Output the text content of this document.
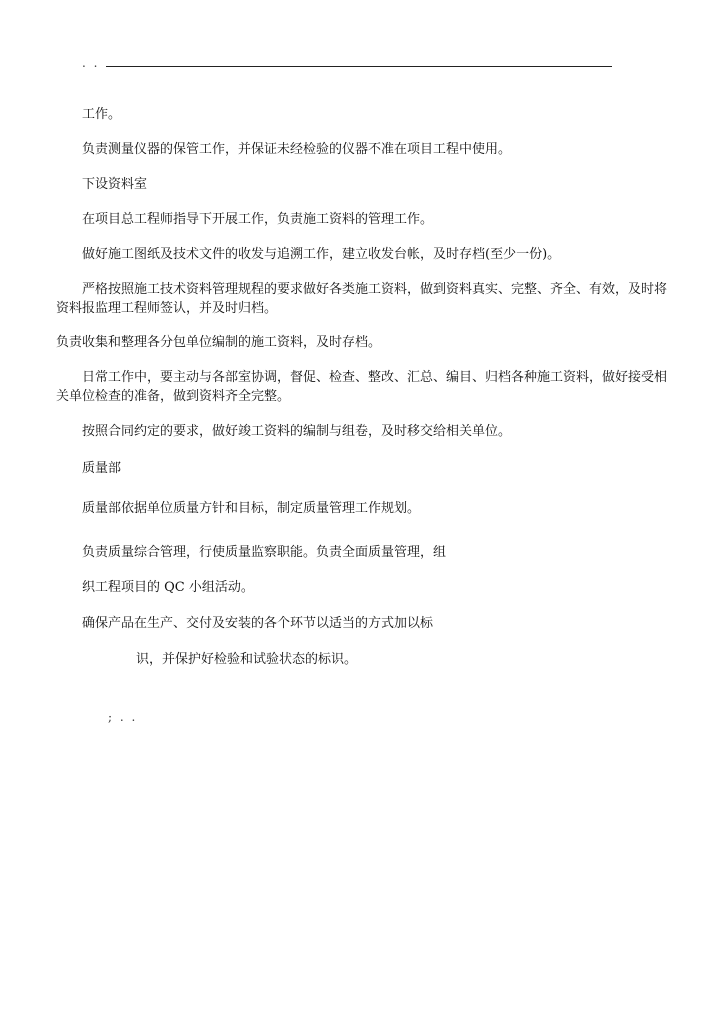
. .
工作。
负责测量仪器的保管工作，并保证未经检验的仪器不准在项目工程中使用。
下设资料室
在项目总工程师指导下开展工作，负责施工资料的管理工作。
做好施工图纸及技术文件的收发与追溯工作，建立收发台帐，及时存档(至少一份)。
严格按照施工技术资料管理规程的要求做好各类施工资料，做到资料真实、完整、齐全、有效，及时将资料报监理工程师签认，并及时归档。
负责收集和整理各分包单位编制的施工资料，及时存档。
日常工作中，要主动与各部室协调，督促、检查、整改、汇总、编目、归档各种施工资料，做好接受相关单位检查的准备，做到资料齐全完整。
按照合同约定的要求，做好竣工资料的编制与组卷，及时移交给相关单位。
质量部
质量部依据单位质量方针和目标，制定质量管理工作规划。
负责质量综合管理，行使质量监察职能。负责全面质量管理，组
织工程项目的 QC 小组活动。
确保产品在生产、交付及安装的各个环节以适当的方式加以标
识，并保护好检验和试验状态的标识。
; . .
